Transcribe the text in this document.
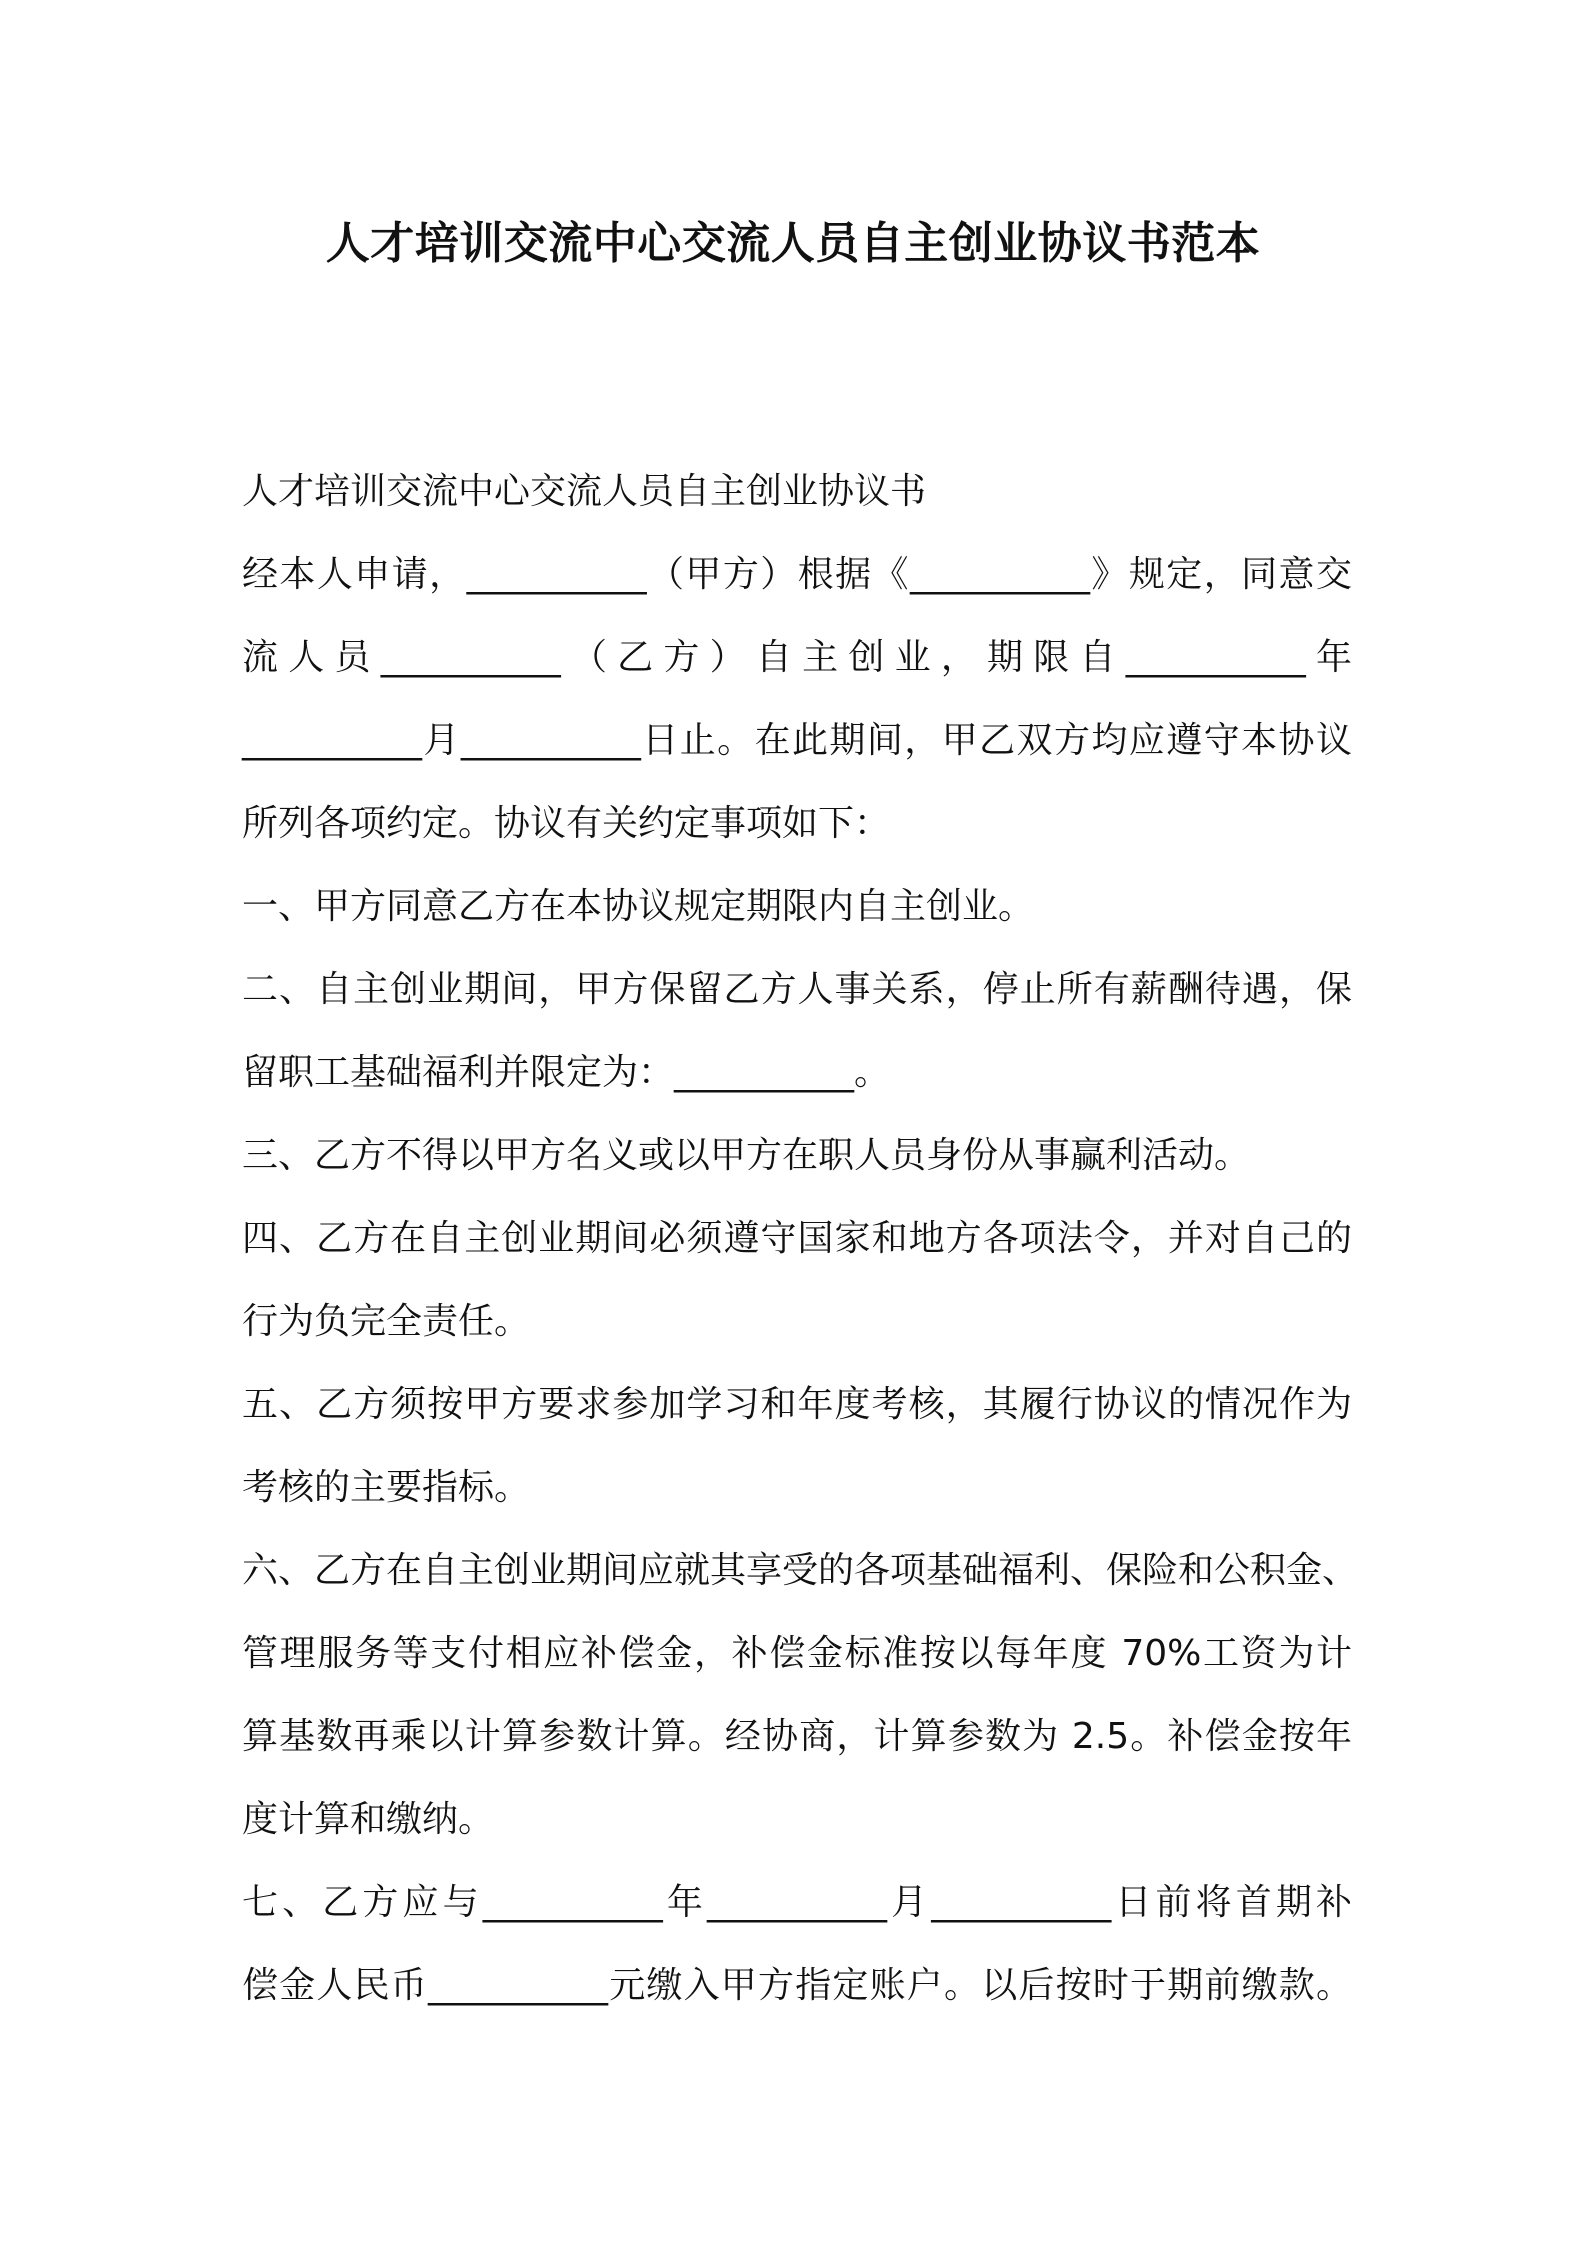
人才培训交流中心交流人员自主创业协议书范本

人才培训交流中心交流人员自主创业协议书

经本人申请，__________（甲方）根据《__________》规定，同意交

流人员__________（乙方）自主创业，期限自__________年

__________月__________日止。在此期间，甲乙双方均应遵守本协议

所列各项约定。协议有关约定事项如下：

一、甲方同意乙方在本协议规定期限内自主创业。

二、自主创业期间，甲方保留乙方人事关系，停止所有薪酬待遇，保

留职工基础福利并限定为：__________。

三、乙方不得以甲方名义或以甲方在职人员身份从事赢利活动。

四、乙方在自主创业期间必须遵守国家和地方各项法令，并对自己的

行为负完全责任。

五、乙方须按甲方要求参加学习和年度考核，其履行协议的情况作为

考核的主要指标。

六、乙方在自主创业期间应就其享受的各项基础福利、保险和公积金、

管理服务等支付相应补偿金，补偿金标准按以每年度 70%工资为计

算基数再乘以计算参数计算。经协商，计算参数为 2.5。补偿金按年

度计算和缴纳。

七、乙方应与__________年__________月__________日前将首期补

偿金人民币__________元缴入甲方指定账户。以后按时于期前缴款。
